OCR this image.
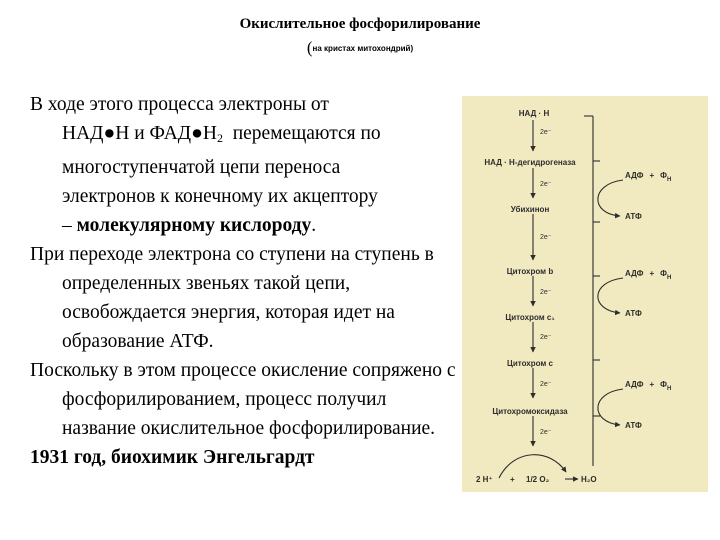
Окислительное фосфорилирование
($^{на кристах митохондрий)}$

В ходе этого процесса электроны от
НАД●Н и $ФАД●Н_2$ перемещаются по
многоступенчатой цепи переноса
электронов к конечному их акцептору
– молекулярному кислороду.

При переходе электрона со ступени на ступень в определенных звеньях такой цепи, освобождается энергия, которая идет на образование АТФ.

Поскольку в этом процессе окисление сопряжено с фосфорилированием, процесс получил название окислительное фосфорилирование.

1931 год, биохимик Энгельгардт

НАД · Н
НАД · Н-дегидрогеназа
Убихинон
Цитохром b
Цитохром c₁
Цитохром c
Цитохромоксидаза
2e⁻
2e⁻
2e⁻
2e⁻
2e⁻
2e⁻
2e⁻
АДФ + $Ф_Н$
АТФ
АДФ + $Ф_Н$
АТФ
АДФ + $Ф_Н$
АТФ
2 H⁺ + 1/2 O₂	H₂O
